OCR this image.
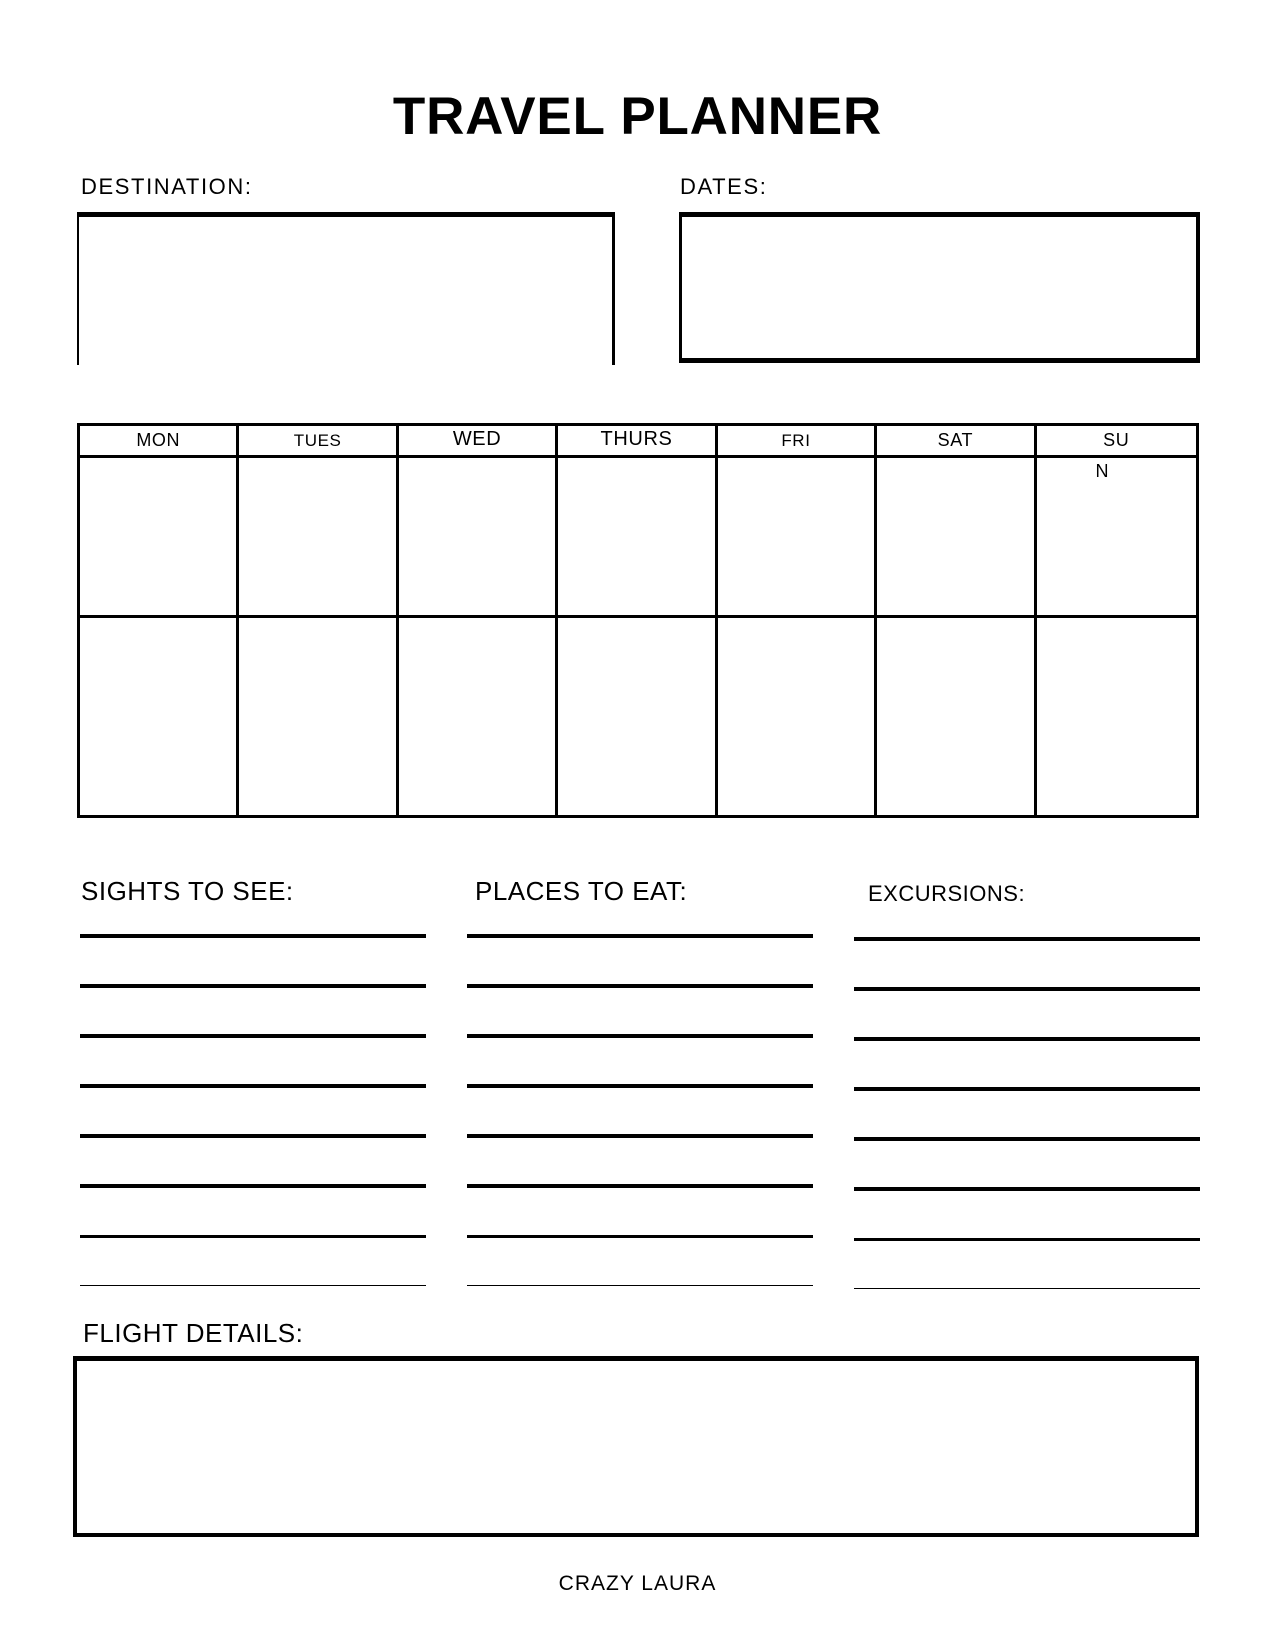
TRAVEL PLANNER
DESTINATION:	DATES:
MON	TUES	WED	THURS	FRI	SAT	SU
N
SIGHTS TO SEE:	PLACES TO EAT:	EXCURSIONS:
FLIGHT DETAILS:
CRAZY LAURA
